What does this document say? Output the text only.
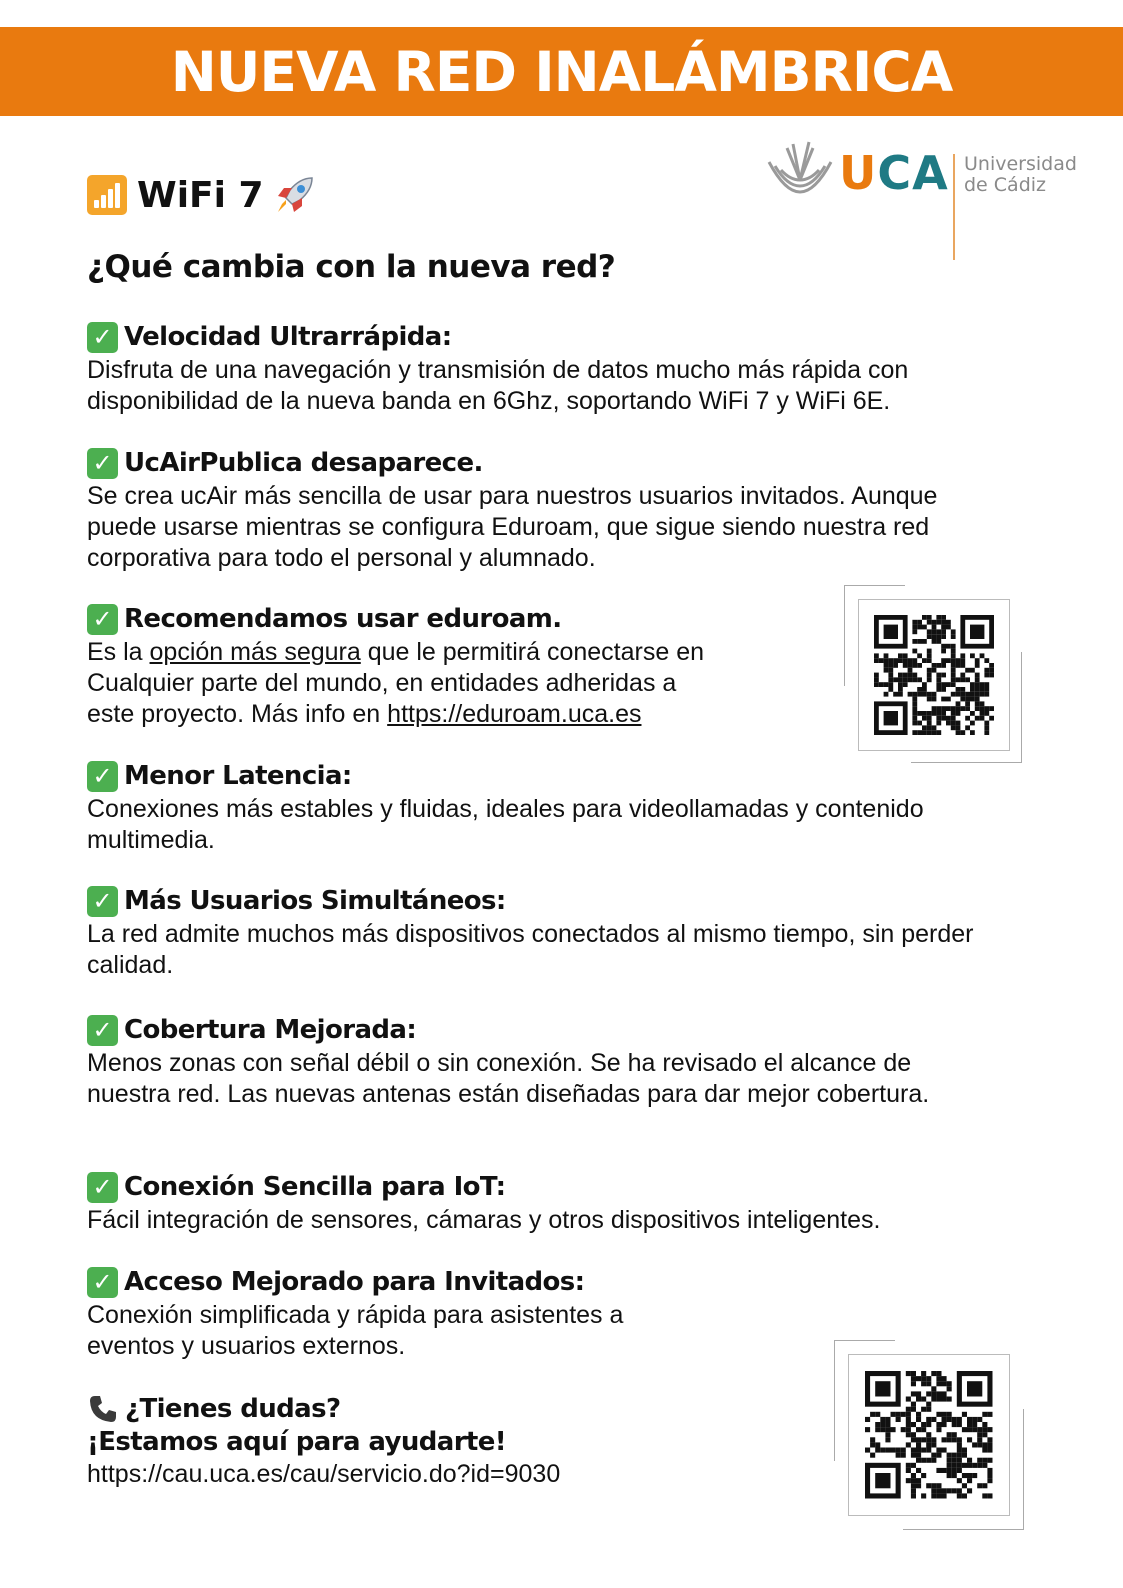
NUEVA RED INALÁMBRICA
UCA Universidad
de Cádiz
WiFi 7
¿Qué cambia con la nueva red?
✓ Velocidad Ultrarrápida:
Disfruta de una navegación y transmisión de datos mucho más rápida con
disponibilidad de la nueva banda en 6Ghz, soportando WiFi 7 y WiFi 6E.
✓ UcAirPublica desaparece.
Se crea ucAir más sencilla de usar para nuestros usuarios invitados. Aunque
puede usarse mientras se configura Eduroam, que sigue siendo nuestra red
corporativa para todo el personal y alumnado.
✓ Recomendamos usar eduroam.
Es la opción más segura que le permitirá conectarse en
Cualquier parte del mundo, en entidades adheridas a
este proyecto. Más info en https://eduroam.uca.es
✓ Menor Latencia:
Conexiones más estables y fluidas, ideales para videollamadas y contenido
multimedia.
✓ Más Usuarios Simultáneos:
La red admite muchos más dispositivos conectados al mismo tiempo, sin perder
calidad.
✓ Cobertura Mejorada:
Menos zonas con señal débil o sin conexión. Se ha revisado el alcance de
nuestra red. Las nuevas antenas están diseñadas para dar mejor cobertura.
✓ Conexión Sencilla para IoT:
Fácil integración de sensores, cámaras y otros dispositivos inteligentes.
✓ Acceso Mejorado para Invitados:
Conexión simplificada y rápida para asistentes a
eventos y usuarios externos.
¿Tienes dudas?
¡Estamos aquí para ayudarte!
https://cau.uca.es/cau/servicio.do?id=9030
